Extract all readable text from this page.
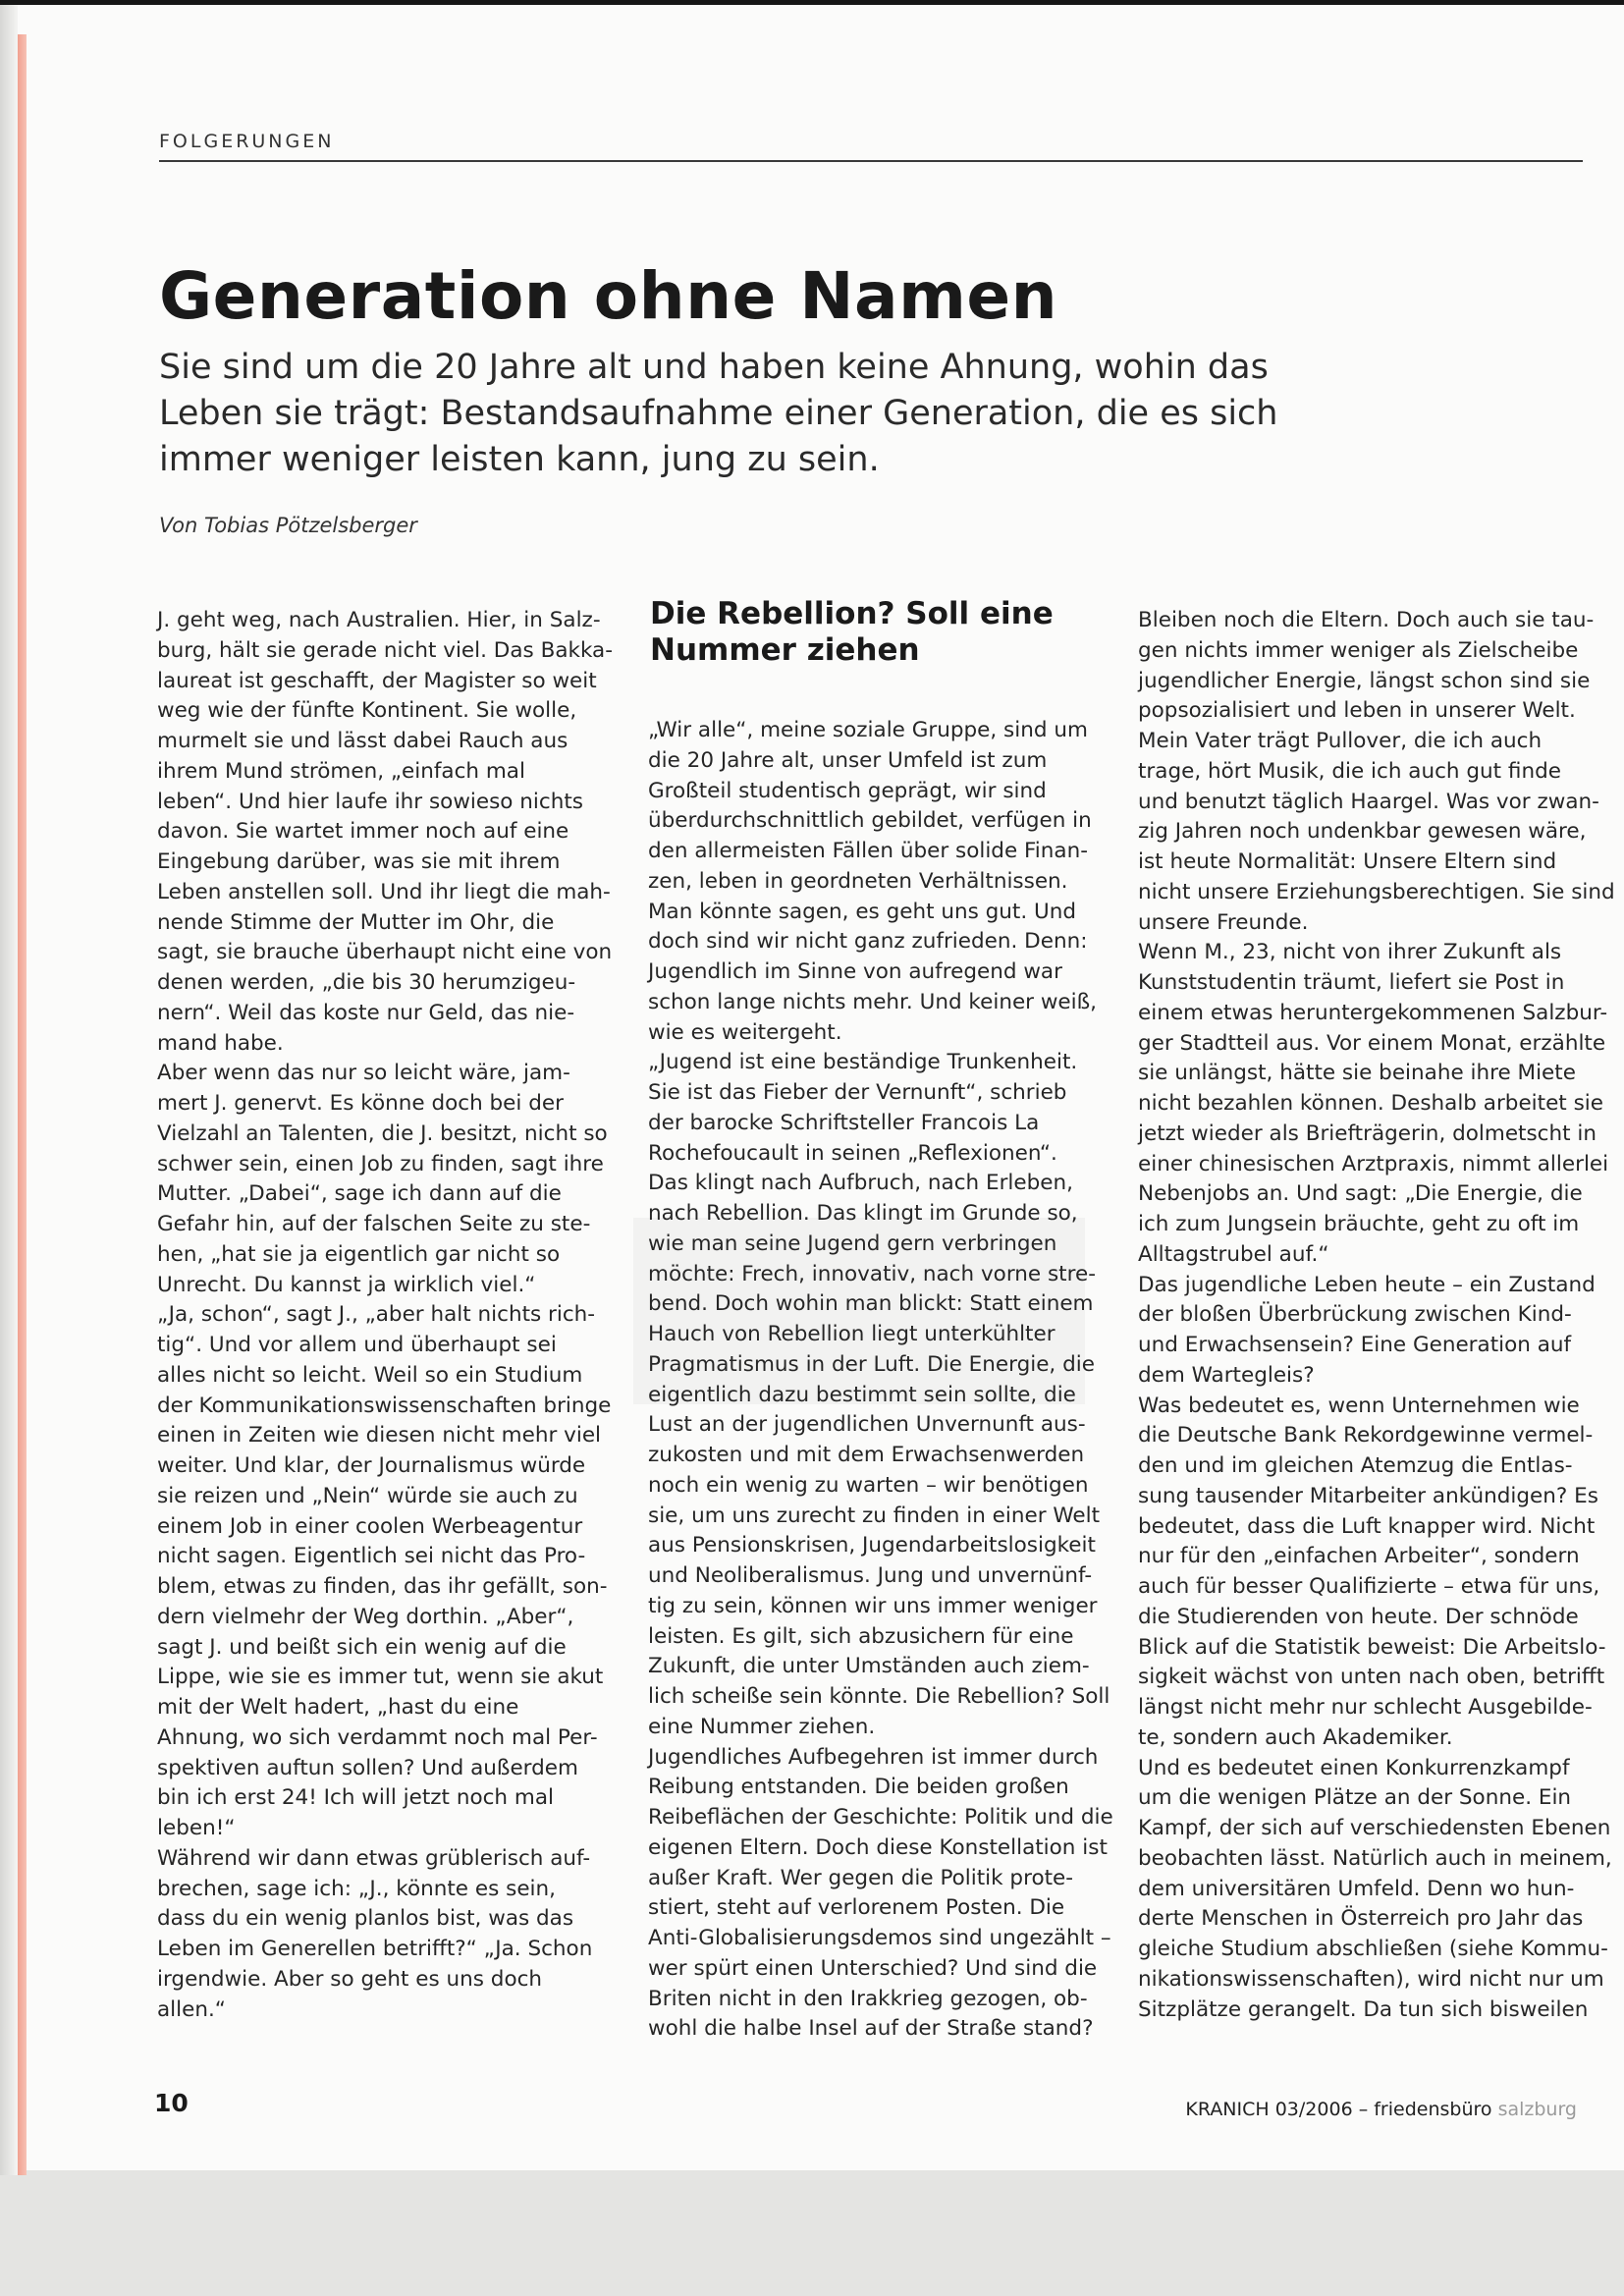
FOLGERUNGEN
Generation ohne Namen
Sie sind um die 20 Jahre alt und haben keine Ahnung, wohin das
Leben sie trägt: Bestandsaufnahme einer Generation, die es sich
immer weniger leisten kann, jung zu sein.
Von Tobias Pötzelsberger
J. geht weg, nach Australien. Hier, in Salz-
burg, hält sie gerade nicht viel. Das Bakka-
laureat ist geschafft, der Magister so weit
weg wie der fünfte Kontinent. Sie wolle,
murmelt sie und lässt dabei Rauch aus
ihrem Mund strömen, „einfach mal
leben“. Und hier laufe ihr sowieso nichts
davon. Sie wartet immer noch auf eine
Eingebung darüber, was sie mit ihrem
Leben anstellen soll. Und ihr liegt die mah-
nende Stimme der Mutter im Ohr, die
sagt, sie brauche überhaupt nicht eine von
denen werden, „die bis 30 herumzigeu-
nern“. Weil das koste nur Geld, das nie-
mand habe.
Aber wenn das nur so leicht wäre, jam-
mert J. genervt. Es könne doch bei der
Vielzahl an Talenten, die J. besitzt, nicht so
schwer sein, einen Job zu finden, sagt ihre
Mutter. „Dabei“, sage ich dann auf die
Gefahr hin, auf der falschen Seite zu ste-
hen, „hat sie ja eigentlich gar nicht so
Unrecht. Du kannst ja wirklich viel.“
„Ja, schon“, sagt J., „aber halt nichts rich-
tig“. Und vor allem und überhaupt sei
alles nicht so leicht. Weil so ein Studium
der Kommunikationswissenschaften bringe
einen in Zeiten wie diesen nicht mehr viel
weiter. Und klar, der Journalismus würde
sie reizen und „Nein“ würde sie auch zu
einem Job in einer coolen Werbeagentur
nicht sagen. Eigentlich sei nicht das Pro-
blem, etwas zu finden, das ihr gefällt, son-
dern vielmehr der Weg dorthin. „Aber“,
sagt J. und beißt sich ein wenig auf die
Lippe, wie sie es immer tut, wenn sie akut
mit der Welt hadert, „hast du eine
Ahnung, wo sich verdammt noch mal Per-
spektiven auftun sollen? Und außerdem
bin ich erst 24! Ich will jetzt noch mal
leben!“
Während wir dann etwas grüblerisch auf-
brechen, sage ich: „J., könnte es sein,
dass du ein wenig planlos bist, was das
Leben im Generellen betrifft?“ „Ja. Schon
irgendwie. Aber so geht es uns doch
allen.“
Die Rebellion? Soll eine
Nummer ziehen
„Wir alle“, meine soziale Gruppe, sind um
die 20 Jahre alt, unser Umfeld ist zum
Großteil studentisch geprägt, wir sind
überdurchschnittlich gebildet, verfügen in
den allermeisten Fällen über solide Finan-
zen, leben in geordneten Verhältnissen.
Man könnte sagen, es geht uns gut. Und
doch sind wir nicht ganz zufrieden. Denn:
Jugendlich im Sinne von aufregend war
schon lange nichts mehr. Und keiner weiß,
wie es weitergeht.
„Jugend ist eine beständige Trunkenheit.
Sie ist das Fieber der Vernunft“, schrieb
der barocke Schriftsteller Francois La
Rochefoucault in seinen „Reflexionen“.
Das klingt nach Aufbruch, nach Erleben,
nach Rebellion. Das klingt im Grunde so,
wie man seine Jugend gern verbringen
möchte: Frech, innovativ, nach vorne stre-
bend. Doch wohin man blickt: Statt einem
Hauch von Rebellion liegt unterkühlter
Pragmatismus in der Luft. Die Energie, die
eigentlich dazu bestimmt sein sollte, die
Lust an der jugendlichen Unvernunft aus-
zukosten und mit dem Erwachsenwerden
noch ein wenig zu warten – wir benötigen
sie, um uns zurecht zu finden in einer Welt
aus Pensionskrisen, Jugendarbeitslosigkeit
und Neoliberalismus. Jung und unvernünf-
tig zu sein, können wir uns immer weniger
leisten. Es gilt, sich abzusichern für eine
Zukunft, die unter Umständen auch ziem-
lich scheiße sein könnte. Die Rebellion? Soll
eine Nummer ziehen.
Jugendliches Aufbegehren ist immer durch
Reibung entstanden. Die beiden großen
Reibeflächen der Geschichte: Politik und die
eigenen Eltern. Doch diese Konstellation ist
außer Kraft. Wer gegen die Politik prote-
stiert, steht auf verlorenem Posten. Die
Anti-Globalisierungsdemos sind ungezählt –
wer spürt einen Unterschied? Und sind die
Briten nicht in den Irakkrieg gezogen, ob-
wohl die halbe Insel auf der Straße stand?
Bleiben noch die Eltern. Doch auch sie tau-
gen nichts immer weniger als Zielscheibe
jugendlicher Energie, längst schon sind sie
popsozialisiert und leben in unserer Welt.
Mein Vater trägt Pullover, die ich auch
trage, hört Musik, die ich auch gut finde
und benutzt täglich Haargel. Was vor zwan-
zig Jahren noch undenkbar gewesen wäre,
ist heute Normalität: Unsere Eltern sind
nicht unsere Erziehungsberechtigen. Sie sind
unsere Freunde.
Wenn M., 23, nicht von ihrer Zukunft als
Kunststudentin träumt, liefert sie Post in
einem etwas heruntergekommenen Salzbur-
ger Stadtteil aus. Vor einem Monat, erzählte
sie unlängst, hätte sie beinahe ihre Miete
nicht bezahlen können. Deshalb arbeitet sie
jetzt wieder als Briefträgerin, dolmetscht in
einer chinesischen Arztpraxis, nimmt allerlei
Nebenjobs an. Und sagt: „Die Energie, die
ich zum Jungsein bräuchte, geht zu oft im
Alltagstrubel auf.“
Das jugendliche Leben heute – ein Zustand
der bloßen Überbrückung zwischen Kind-
und Erwachsensein? Eine Generation auf
dem Wartegleis?
Was bedeutet es, wenn Unternehmen wie
die Deutsche Bank Rekordgewinne vermel-
den und im gleichen Atemzug die Entlas-
sung tausender Mitarbeiter ankündigen? Es
bedeutet, dass die Luft knapper wird. Nicht
nur für den „einfachen Arbeiter“, sondern
auch für besser Qualifizierte – etwa für uns,
die Studierenden von heute. Der schnöde
Blick auf die Statistik beweist: Die Arbeitslo-
sigkeit wächst von unten nach oben, betrifft
längst nicht mehr nur schlecht Ausgebilde-
te, sondern auch Akademiker.
Und es bedeutet einen Konkurrenzkampf
um die wenigen Plätze an der Sonne. Ein
Kampf, der sich auf verschiedensten Ebenen
beobachten lässt. Natürlich auch in meinem,
dem universitären Umfeld. Denn wo hun-
derte Menschen in Österreich pro Jahr das
gleiche Studium abschließen (siehe Kommu-
nikationswissenschaften), wird nicht nur um
Sitzplätze gerangelt. Da tun sich bisweilen
10	KRANICH 03/2006 – friedensbüro salzburg
